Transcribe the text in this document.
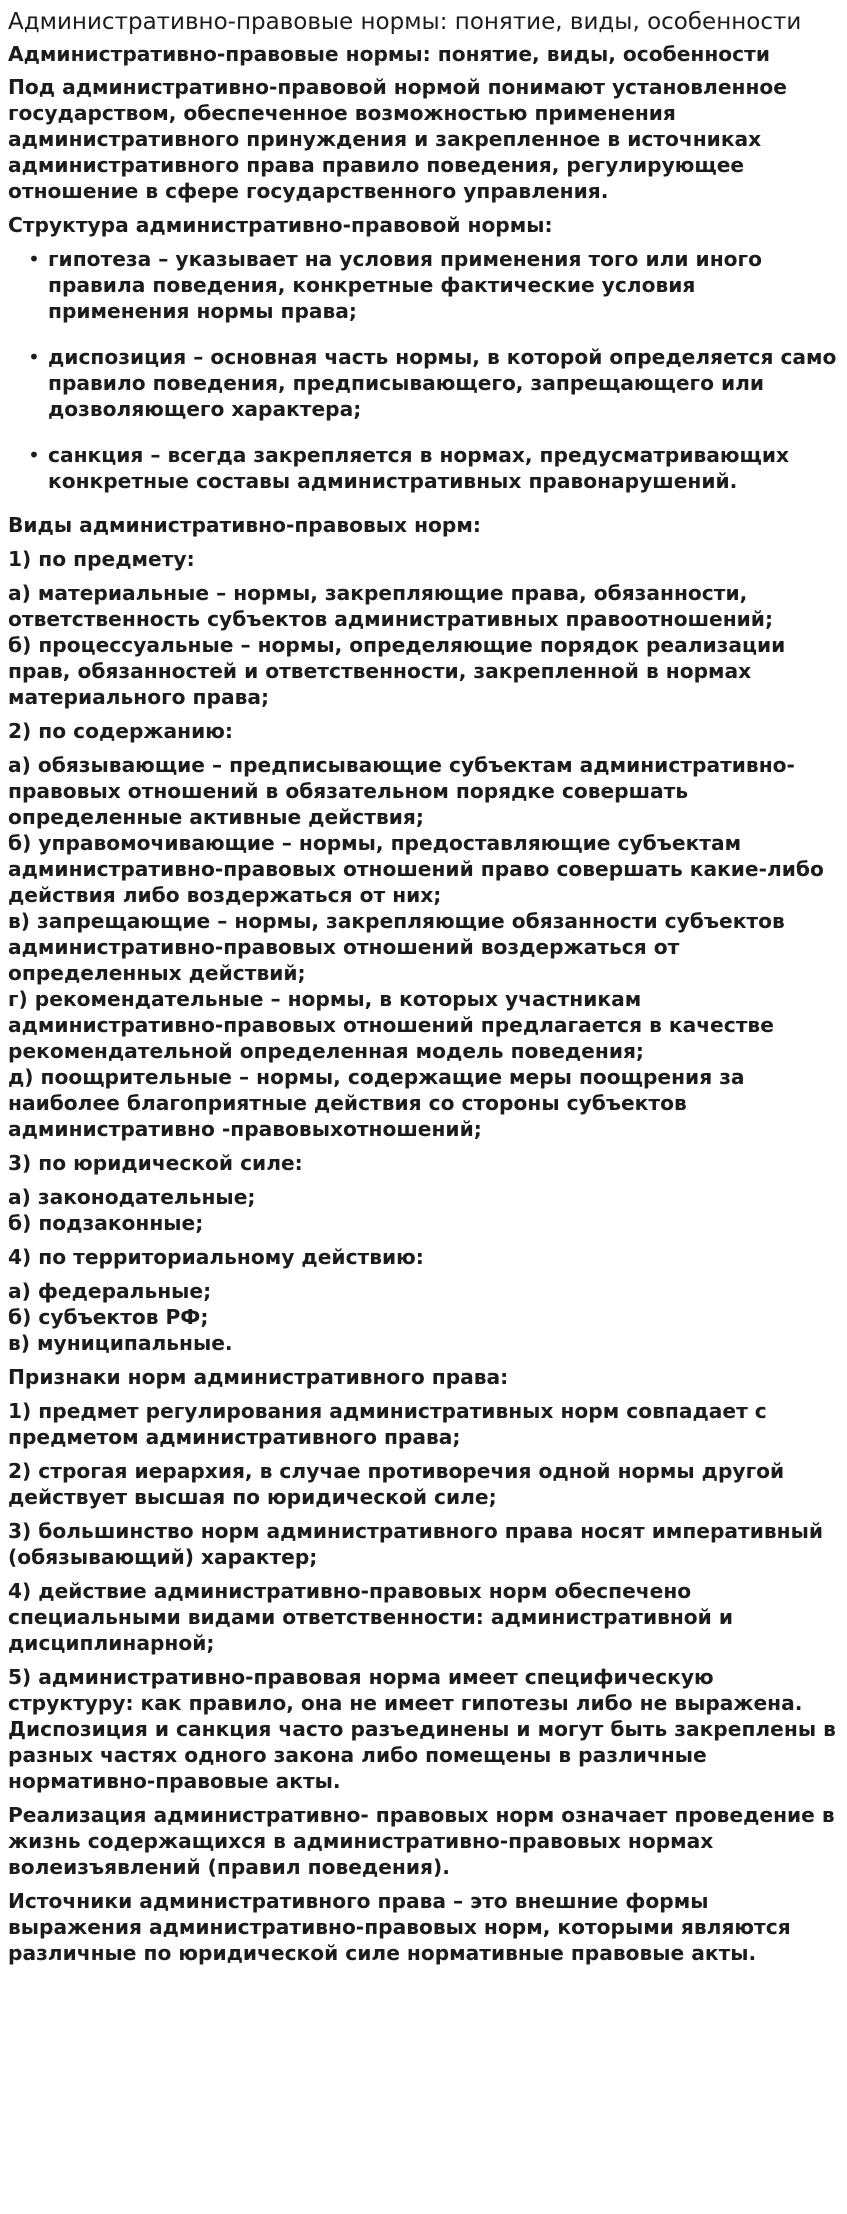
Административно-правовые нормы: понятие, виды, особенности
Административно-правовые нормы: понятие, виды, особенности

Под административно-правовой нормой понимают установленное государством, обеспеченное возможностью применения административного принуждения и закрепленное в источниках административного права правило поведения, регулирующее отношение в сфере государственного управления.

Структура административно-правовой нормы:

• гипотеза – указывает на условия применения того или иного правила поведения, конкретные фактические условия применения нормы права;
• диспозиция – основная часть нормы, в которой определяется само правило поведения, предписывающего, запрещающего или дозволяющего характера;
• санкция – всегда закрепляется в нормах, предусматривающих конкретные составы административных правонарушений.

Виды административно-правовых норм:

1) по предмету:

а) материальные – нормы, закрепляющие права, обязанности, ответственность субъектов административных правоотношений;

б) процессуальные – нормы, определяющие порядок реализации прав, обязанностей и ответственности, закрепленной в нормах материального права;

2) по содержанию:

а) обязывающие – предписывающие субъектам административно-правовых отношений в обязательном порядке совершать определенные активные действия;

б) управомочивающие – нормы, предоставляющие субъектам административно-правовых отношений право совершать какие-либо действия либо воздержаться от них;

в) запрещающие – нормы, закрепляющие обязанности субъектов административно-правовых отношений воздержаться от определенных действий;

г) рекомендательные – нормы, в которых участникам административно-правовых отношений предлагается в качестве рекомендательной определенная модель поведения;

д) поощрительные – нормы, содержащие меры поощрения за наиболее благоприятные действия со стороны субъектов административно -правовыхотношений;

3) по юридической силе:

а) законодательные;

б) подзаконные;

4) по территориальному действию:

а) федеральные;

б) субъектов РФ;

в) муниципальные.

Признаки норм административного права:

1) предмет регулирования административных норм совпадает с предметом административного права;

2) строгая иерархия, в случае противоречия одной нормы другой действует высшая по юридической силе;

3) большинство норм административного права носят императивный (обязывающий) характер;

4) действие административно-правовых норм обеспечено специальными видами ответственности: административной и дисциплинарной;

5) административно-правовая норма имеет специфическую структуру: как правило, она не имеет гипотезы либо не выражена. Диспозиция и санкция часто разъединены и могут быть закреплены в разных частях одного закона либо помещены в различные нормативно-правовые акты.

Реализация административно- правовых норм означает проведение в жизнь содержащихся в административно-правовых нормах волеизъявлений (правил поведения).

Источники административного права – это внешние формы выражения административно-правовых норм, которыми являются различные по юридической силе нормативные правовые акты.
